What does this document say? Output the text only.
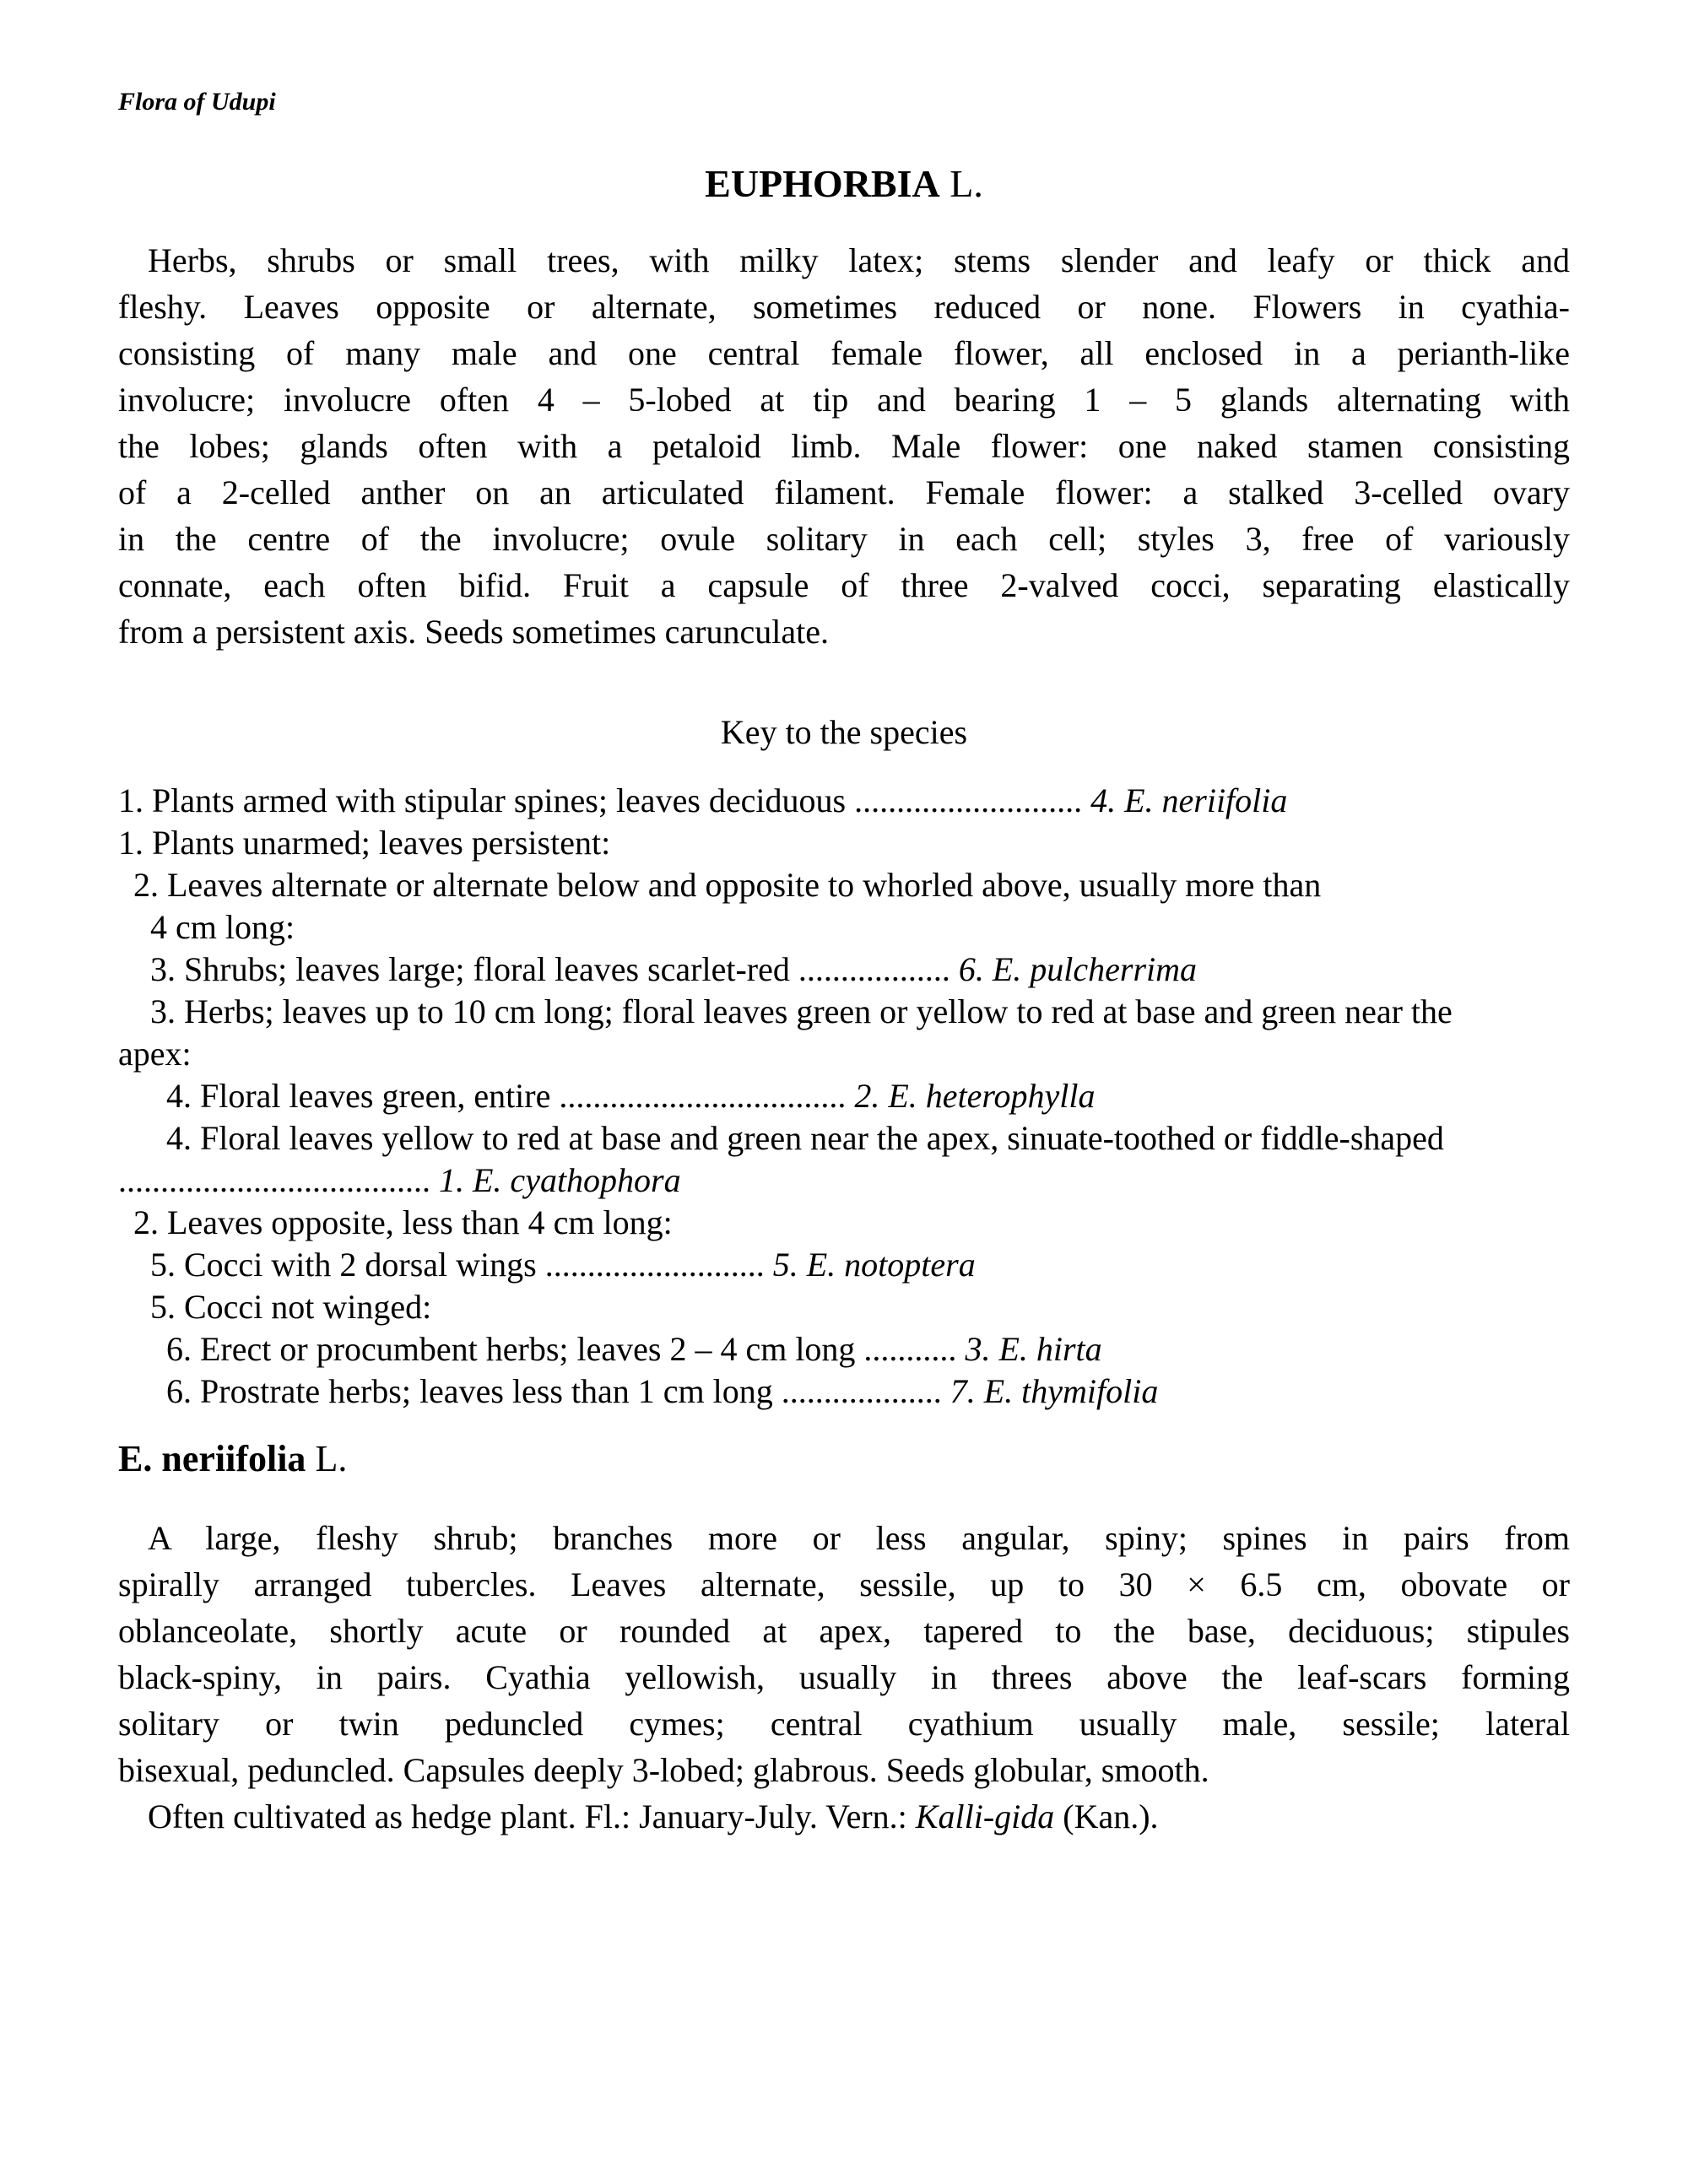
Flora of Udupi
EUPHORBIA L.
Herbs, shrubs or small trees, with milky latex; stems slender and leafy or thick and
fleshy. Leaves opposite or alternate, sometimes reduced or none. Flowers in cyathia-
consisting of many male and one central female flower, all enclosed in a perianth-like
involucre; involucre often 4 – 5-lobed at tip and bearing 1 – 5 glands alternating with
the lobes; glands often with a petaloid limb. Male flower: one naked stamen consisting
of a 2-celled anther on an articulated filament. Female flower: a stalked 3-celled ovary
in the centre of the involucre; ovule solitary in each cell; styles 3, free of variously
connate, each often bifid. Fruit a capsule of three 2-valved cocci, separating elastically
from a persistent axis. Seeds sometimes carunculate.
Key to the species
1. Plants armed with stipular spines; leaves deciduous ........................... 4. E. neriifolia
1. Plants unarmed; leaves persistent:
2. Leaves alternate or alternate below and opposite to whorled above, usually more than
4 cm long:
3. Shrubs; leaves large; floral leaves scarlet-red .................. 6. E. pulcherrima
3. Herbs; leaves up to 10 cm long; floral leaves green or yellow to red at base and green near the
apex:
4. Floral leaves green, entire .................................. 2. E. heterophylla
4. Floral leaves yellow to red at base and green near the apex, sinuate-toothed or fiddle-shaped
..................................... 1. E. cyathophora
2. Leaves opposite, less than 4 cm long:
5. Cocci with 2 dorsal wings .......................... 5. E. notoptera
5. Cocci not winged:
6. Erect or procumbent herbs; leaves 2 – 4 cm long ........... 3. E. hirta
6. Prostrate herbs; leaves less than 1 cm long ................... 7. E. thymifolia
E. neriifolia L.
A large, fleshy shrub; branches more or less angular, spiny; spines in pairs from
spirally arranged tubercles. Leaves alternate, sessile, up to 30 × 6.5 cm, obovate or
oblanceolate, shortly acute or rounded at apex, tapered to the base, deciduous; stipules
black-spiny, in pairs. Cyathia yellowish, usually in threes above the leaf-scars forming
solitary or twin peduncled cymes; central cyathium usually male, sessile; lateral
bisexual, peduncled. Capsules deeply 3-lobed; glabrous. Seeds globular, smooth.
Often cultivated as hedge plant. Fl.: January-July. Vern.: Kalli-gida (Kan.).
